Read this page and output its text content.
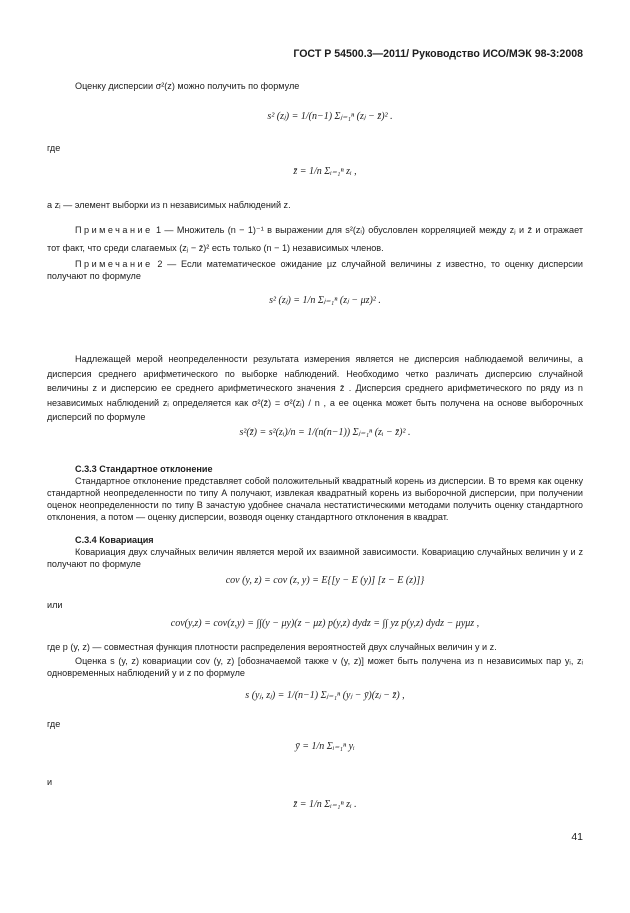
ГОСТ Р 54500.3—2011/ Руководство ИСО/МЭК 98-3:2008
Оценку дисперсии σ²(z) можно получить по формуле
s² (zⱼ) = 1/(n−1) Σⱼ₌₁ⁿ (zⱼ − z̄)² .
где
z̄ = 1/n Σᵢ₌₁ⁿ zᵢ ,
а zᵢ — элемент выборки из n независимых наблюдений z.
Примечание 1 — Множитель (n − 1)⁻¹ в выражении для s²(zᵢ) обусловлен корреляцией между zⱼ и z̄ и отражает тот факт, что среди слагаемых (zⱼ − z̄)² есть только (n − 1) независимых членов.
Примечание 2 — Если математическое ожидание μz случайной величины z известно, то оценку дисперсии получают по формуле
s² (zⱼ) = 1/n Σⱼ₌₁ⁿ (zⱼ − μz)² .
Надлежащей мерой неопределенности результата измерения является не дисперсия наблюдаемой величины, а дисперсия среднего арифметического по выборке наблюдений. Необходимо четко различать дисперсию случайной величины z и дисперсию ее среднего арифметического значения z̄ . Дисперсия среднего арифметического по ряду из n независимых наблюдений zᵢ определяется как σ²(z̄) = σ²(zᵢ) / n , а ее оценка может быть получена на основе выборочных дисперсий по формуле
s²(z̄) = s²(zᵢ)/n = 1/(n(n−1)) Σⱼ₌₁ⁿ (zᵢ − z̄)² .
C.3.3 Стандартное отклонение
Стандартное отклонение представляет собой положительный квадратный корень из дисперсии. В то время как оценку стандартной неопределенности по типу А получают, извлекая квадратный корень из выборочной дисперсии, при получении оценок неопределенности по типу В зачастую удобнее сначала нестатистическими методами получить оценку стандартного отклонения, а потом — оценку дисперсии, возводя оценку стандартного отклонения в квадрат.
C.3.4 Ковариация
Ковариация двух случайных величин является мерой их взаимной зависимости. Ковариацию случайных величин y и z получают по формуле
cov (y, z) = cov (z, y) = E{[y − E (y)] [z − E (z)]}
или
cov(y,z) = cov(z,y) = ∫∫(y − μy)(z − μz) p(y,z) dydz = ∫∫ yz p(y,z) dydz − μyμz ,
где p (y, z) — совместная функция плотности распределения вероятностей двух случайных величин y и z.
Оценка s (y, z) ковариации cov (y, z) [обозначаемой также v (y, z)] может быть получена из n независимых пар yᵢ, zᵢ одновременных наблюдений y и z по формуле
s (yⱼ, zⱼ) = 1/(n−1) Σⱼ₌₁ⁿ (yⱼ − ȳ)(zⱼ − z̄) ,
где
ȳ = 1/n Σᵢ₌₁ⁿ yᵢ
и
z̄ = 1/n Σᵢ₌₁ⁿ zᵢ .
41
